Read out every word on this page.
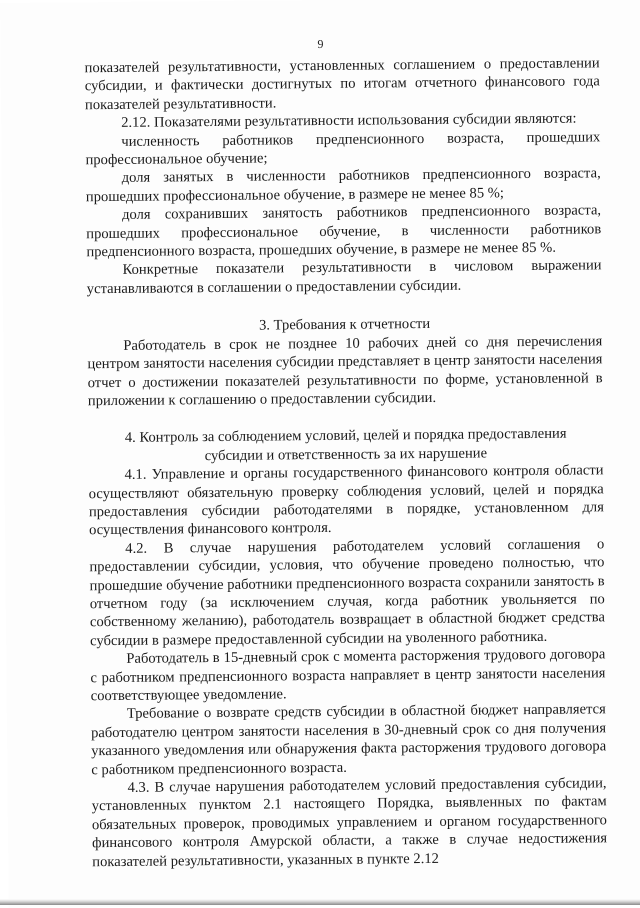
9

показателей результативности, установленных соглашением о предоставлении субсидии, и фактически достигнутых по итогам отчетного финансового года показателей результативности.

2.12. Показателями результативности использования субсидии являются:

численность работников предпенсионного возраста, прошедших профессиональное обучение;

доля занятых в численности работников предпенсионного возраста, прошедших профессиональное обучение, в размере не менее 85 %;

доля сохранивших занятость работников предпенсионного возраста, прошедших профессиональное обучение, в численности работников предпенсионного возраста, прошедших обучение, в размере не менее 85 %.

Конкретные показатели результативности в числовом выражении устанавливаются в соглашении о предоставлении субсидии.

3. Требования к отчетности

Работодатель в срок не позднее 10 рабочих дней со дня перечисления центром занятости населения субсидии представляет в центр занятости населения отчет о достижении показателей результативности по форме, установленной в приложении к соглашению о предоставлении субсидии.

4. Контроль за соблюдением условий, целей и порядка предоставления

субсидии и ответственность за их нарушение

4.1. Управление и органы государственного финансового контроля области осуществляют обязательную проверку соблюдения условий, целей и порядка предоставления субсидии работодателями в порядке, установленном для осуществления финансового контроля.

4.2. В случае нарушения работодателем условий соглашения о предоставлении субсидии, условия, что обучение проведено полностью, что прошедшие обучение работники предпенсионного возраста сохранили занятость в отчетном году (за исключением случая, когда работник увольняется по собственному желанию), работодатель возвращает в областной бюджет средства субсидии в размере предоставленной субсидии на уволенного работника.

Работодатель в 15-дневный срок с момента расторжения трудового договора с работником предпенсионного возраста направляет в центр занятости населения соответствующее уведомление.

Требование о возврате средств субсидии в областной бюджет направляется работодателю центром занятости населения в 30-дневный срок со дня получения указанного уведомления или обнаружения факта расторжения трудового договора с работником предпенсионного возраста.

4.3. В случае нарушения работодателем условий предоставления субсидии, установленных пунктом 2.1 настоящего Порядка, выявленных по фактам обязательных проверок, проводимых управлением и органом государственного финансового контроля Амурской области, а также в случае недостижения показателей результативности, указанных в пункте 2.12
